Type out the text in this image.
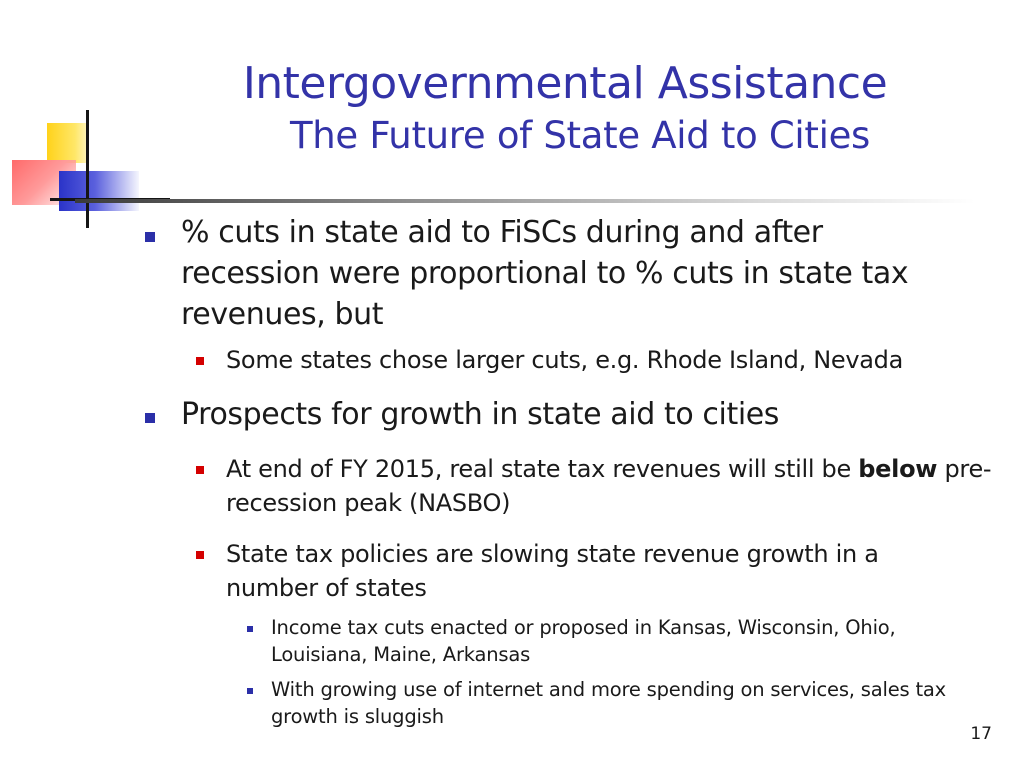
Intergovernmental Assistance
The Future of State Aid to Cities
% cuts in state aid to FiSCs during and after recession were proportional to % cuts in state tax revenues, but
Some states chose larger cuts, e.g. Rhode Island, Nevada
Prospects for growth in state aid to cities
At end of FY 2015, real state tax revenues will still be below pre-recession peak (NASBO)
State tax policies are slowing state revenue growth in a number of states
Income tax cuts enacted or proposed in Kansas, Wisconsin, Ohio, Louisiana, Maine, Arkansas
With growing use of internet and more spending on services, sales tax growth is sluggish
17
